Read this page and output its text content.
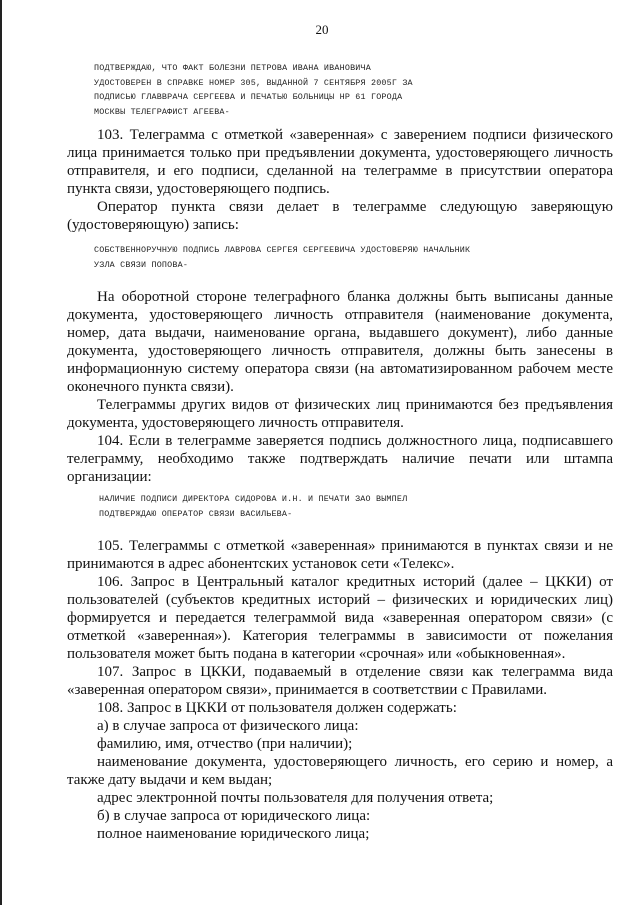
20
ПОДТВЕРЖДАЮ, ЧТО ФАКТ БОЛЕЗНИ ПЕТРОВА ИВАНА ИВАНОВИЧА
УДОСТОВЕРЕН В СПРАВКЕ НОМЕР 305, ВЫДАННОЙ 7 СЕНТЯБРЯ 2005Г ЗА
ПОДПИСЬЮ ГЛАВВРАЧА СЕРГЕЕВА И ПЕЧАТЬЮ БОЛЬНИЦЫ НР 61 ГОРОДА
МОСКВЫ ТЕЛЕГРАФИСТ АГЕЕВА-

103. Телеграмма с отметкой «заверенная» с заверением подписи физического лица принимается только при предъявлении документа, удостоверяющего личность отправителя, и его подписи, сделанной на телеграмме в присутствии оператора пункта связи, удостоверяющего подпись.

Оператор пункта связи делает в телеграмме следующую заверяющую (удостоверяющую) запись:

СОБСТВЕННОРУЧНУЮ ПОДПИСЬ ЛАВРОВА СЕРГЕЯ СЕРГЕЕВИЧА УДОСТОВЕРЯЮ НАЧАЛЬНИК
УЗЛА СВЯЗИ ПОПОВА-

На оборотной стороне телеграфного бланка должны быть выписаны данные документа, удостоверяющего личность отправителя (наименование документа, номер, дата выдачи, наименование органа, выдавшего документ), либо данные документа, удостоверяющего личность отправителя, должны быть занесены в информационную систему оператора связи (на автоматизированном рабочем месте оконечного пункта связи).

Телеграммы других видов от физических лиц принимаются без предъявления документа, удостоверяющего личность отправителя.

104. Если в телеграмме заверяется подпись должностного лица, подписавшего телеграмму, необходимо также подтверждать наличие печати или штампа организации:

НАЛИЧИЕ ПОДПИСИ ДИРЕКТОРА СИДОРОВА И.Н. И ПЕЧАТИ ЗАО ВЫМПЕЛ
ПОДТВЕРЖДАЮ ОПЕРАТОР СВЯЗИ ВАСИЛЬЕВА-

105. Телеграммы с отметкой «заверенная» принимаются в пунктах связи и не принимаются в адрес абонентских установок сети «Телекс».

106. Запрос в Центральный каталог кредитных историй (далее – ЦККИ) от пользователей (субъектов кредитных историй – физических и юридических лиц) формируется и передается телеграммой вида «заверенная оператором связи» (с отметкой «заверенная»). Категория телеграммы в зависимости от пожелания пользователя может быть подана в категории «срочная» или «обыкновенная».

107. Запрос в ЦККИ, подаваемый в отделение связи как телеграмма вида «заверенная оператором связи», принимается в соответствии с Правилами.

108. Запрос в ЦККИ от пользователя должен содержать:

а) в случае запроса от физического лица:

фамилию, имя, отчество (при наличии);

наименование документа, удостоверяющего личность, его серию и номер, а также дату выдачи и кем выдан;

адрес электронной почты пользователя для получения ответа;

б) в случае запроса от юридического лица:

полное наименование юридического лица;
